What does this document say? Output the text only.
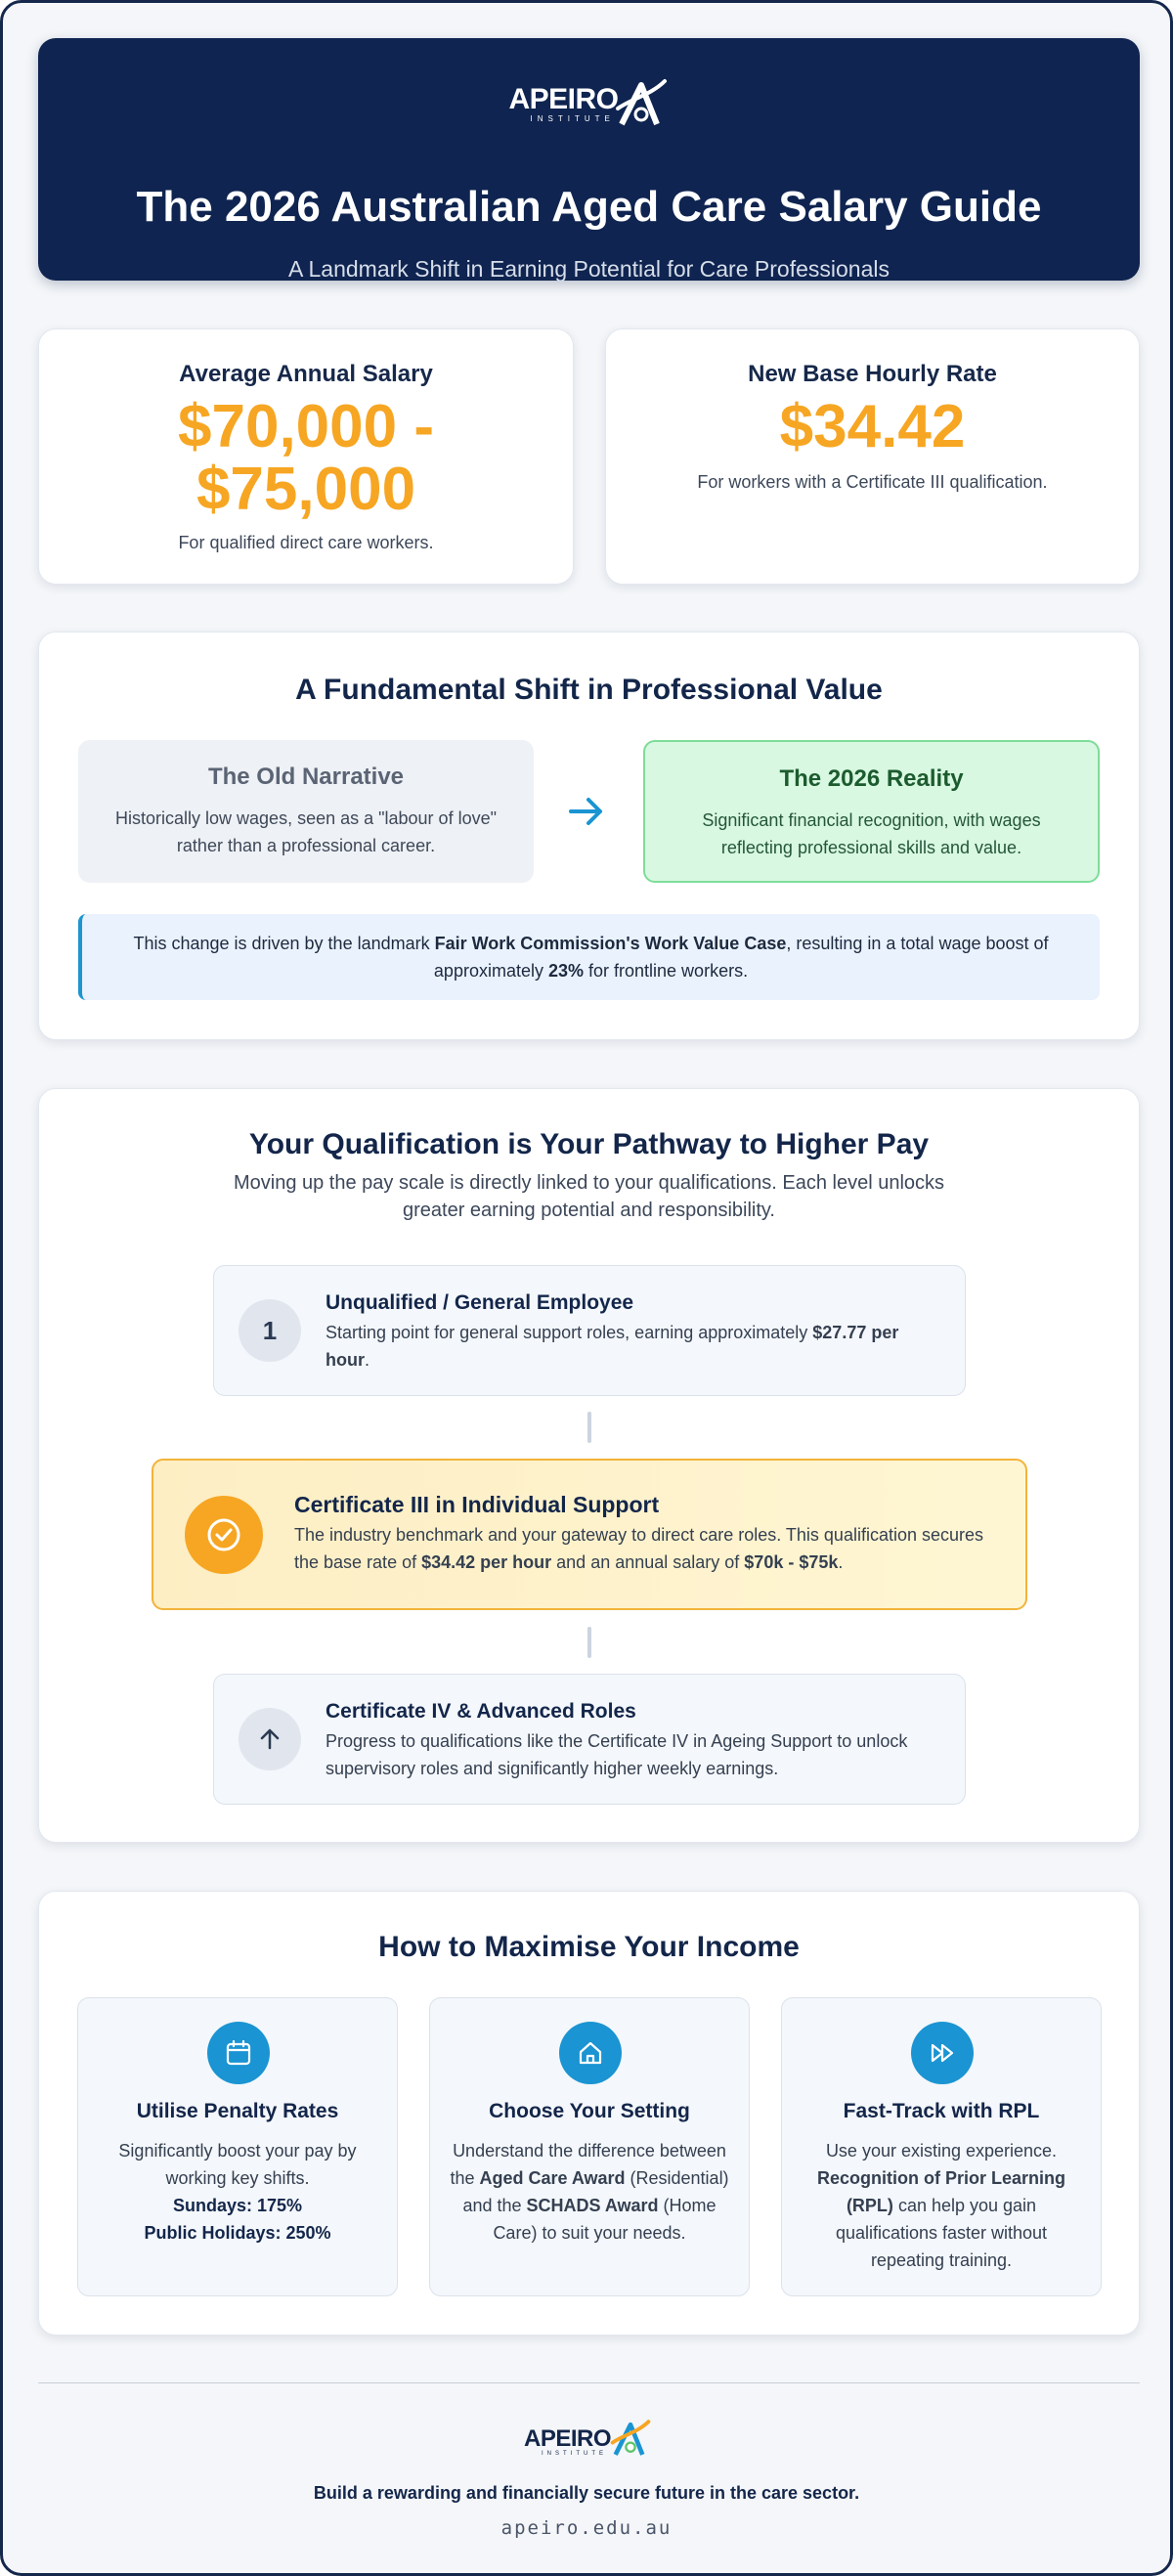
APEIRO
INSTITUTE
The 2026 Australian Aged Care Salary Guide
A Landmark Shift in Earning Potential for Care Professionals
Average Annual Salary
$70,000 -
$75,000
For qualified direct care workers.
New Base Hourly Rate
$34.42
For workers with a Certificate III qualification.
A Fundamental Shift in Professional Value
The Old Narrative

Historically low wages, seen as a "labour of love" rather than a professional career.

The 2026 Reality

Significant financial recognition, with wages reflecting professional skills and value.

This change is driven by the landmark Fair Work Commission's Work Value Case, resulting in a total wage boost of approximately 23% for frontline workers.
Your Qualification is Your Pathway to Higher Pay
Moving up the pay scale is directly linked to your qualifications. Each level unlocks greater earning potential and responsibility.
1
Unqualified / General Employee
Starting point for general support roles, earning approximately $27.77 per hour.
Certificate III in Individual Support
The industry benchmark and your gateway to direct care roles. This qualification secures the base rate of $34.42 per hour and an annual salary of $70k - $75k.
Certificate IV & Advanced Roles
Progress to qualifications like the Certificate IV in Ageing Support to unlock supervisory roles and significantly higher weekly earnings.
How to Maximise Your Income
Utilise Penalty Rates
Significantly boost your pay by working key shifts.
Sundays: 175%
Public Holidays: 250%
Choose Your Setting
Understand the difference between the Aged Care Award (Residential) and the SCHADS Award (Home Care) to suit your needs.
Fast-Track with RPL
Use your existing experience. Recognition of Prior Learning (RPL) can help you gain qualifications faster without repeating training.
APEIRO
INSTITUTE
Build a rewarding and financially secure future in the care sector.
apeiro.edu.au
